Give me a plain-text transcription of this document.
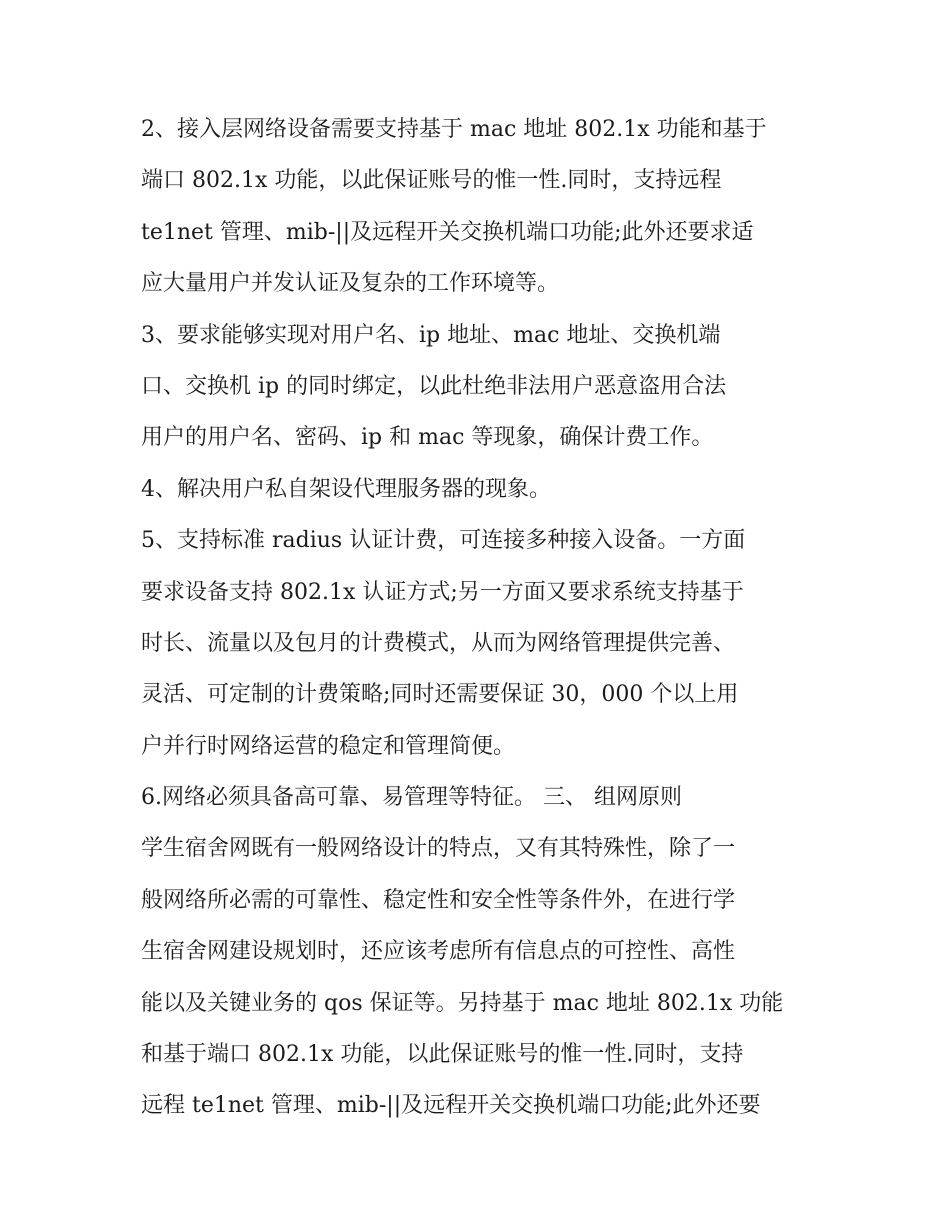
2、接入层网络设备需要支持基于 mac 地址 802.1x 功能和基于
端口 802.1x 功能，以此保证账号的惟一性.同时，支持远程
te1net 管理、mib-||及远程开关交换机端口功能;此外还要求适
应大量用户并发认证及复杂的工作环境等。
3、要求能够实现对用户名、ip 地址、mac 地址、交换机端
口、交换机 ip 的同时绑定，以此杜绝非法用户恶意盗用合法
用户的用户名、密码、ip 和 mac 等现象，确保计费工作。
4、解决用户私自架设代理服务器的现象。
5、支持标准 radius 认证计费，可连接多种接入设备。一方面
要求设备支持 802.1x 认证方式;另一方面又要求系统支持基于
时长、流量以及包月的计费模式，从而为网络管理提供完善、
灵活、可定制的计费策略;同时还需要保证 30，000 个以上用
户并行时网络运营的稳定和管理简便。
6.网络必须具备高可靠、易管理等特征。 三、 组网原则
学生宿舍网既有一般网络设计的特点，又有其特殊性，除了一
般网络所必需的可靠性、稳定性和安全性等条件外，在进行学
生宿舍网建设规划时，还应该考虑所有信息点的可控性、高性
能以及关键业务的 qos 保证等。另持基于 mac 地址 802.1x 功能
和基于端口 802.1x 功能，以此保证账号的惟一性.同时，支持
远程 te1net 管理、mib-||及远程开关交换机端口功能;此外还要
